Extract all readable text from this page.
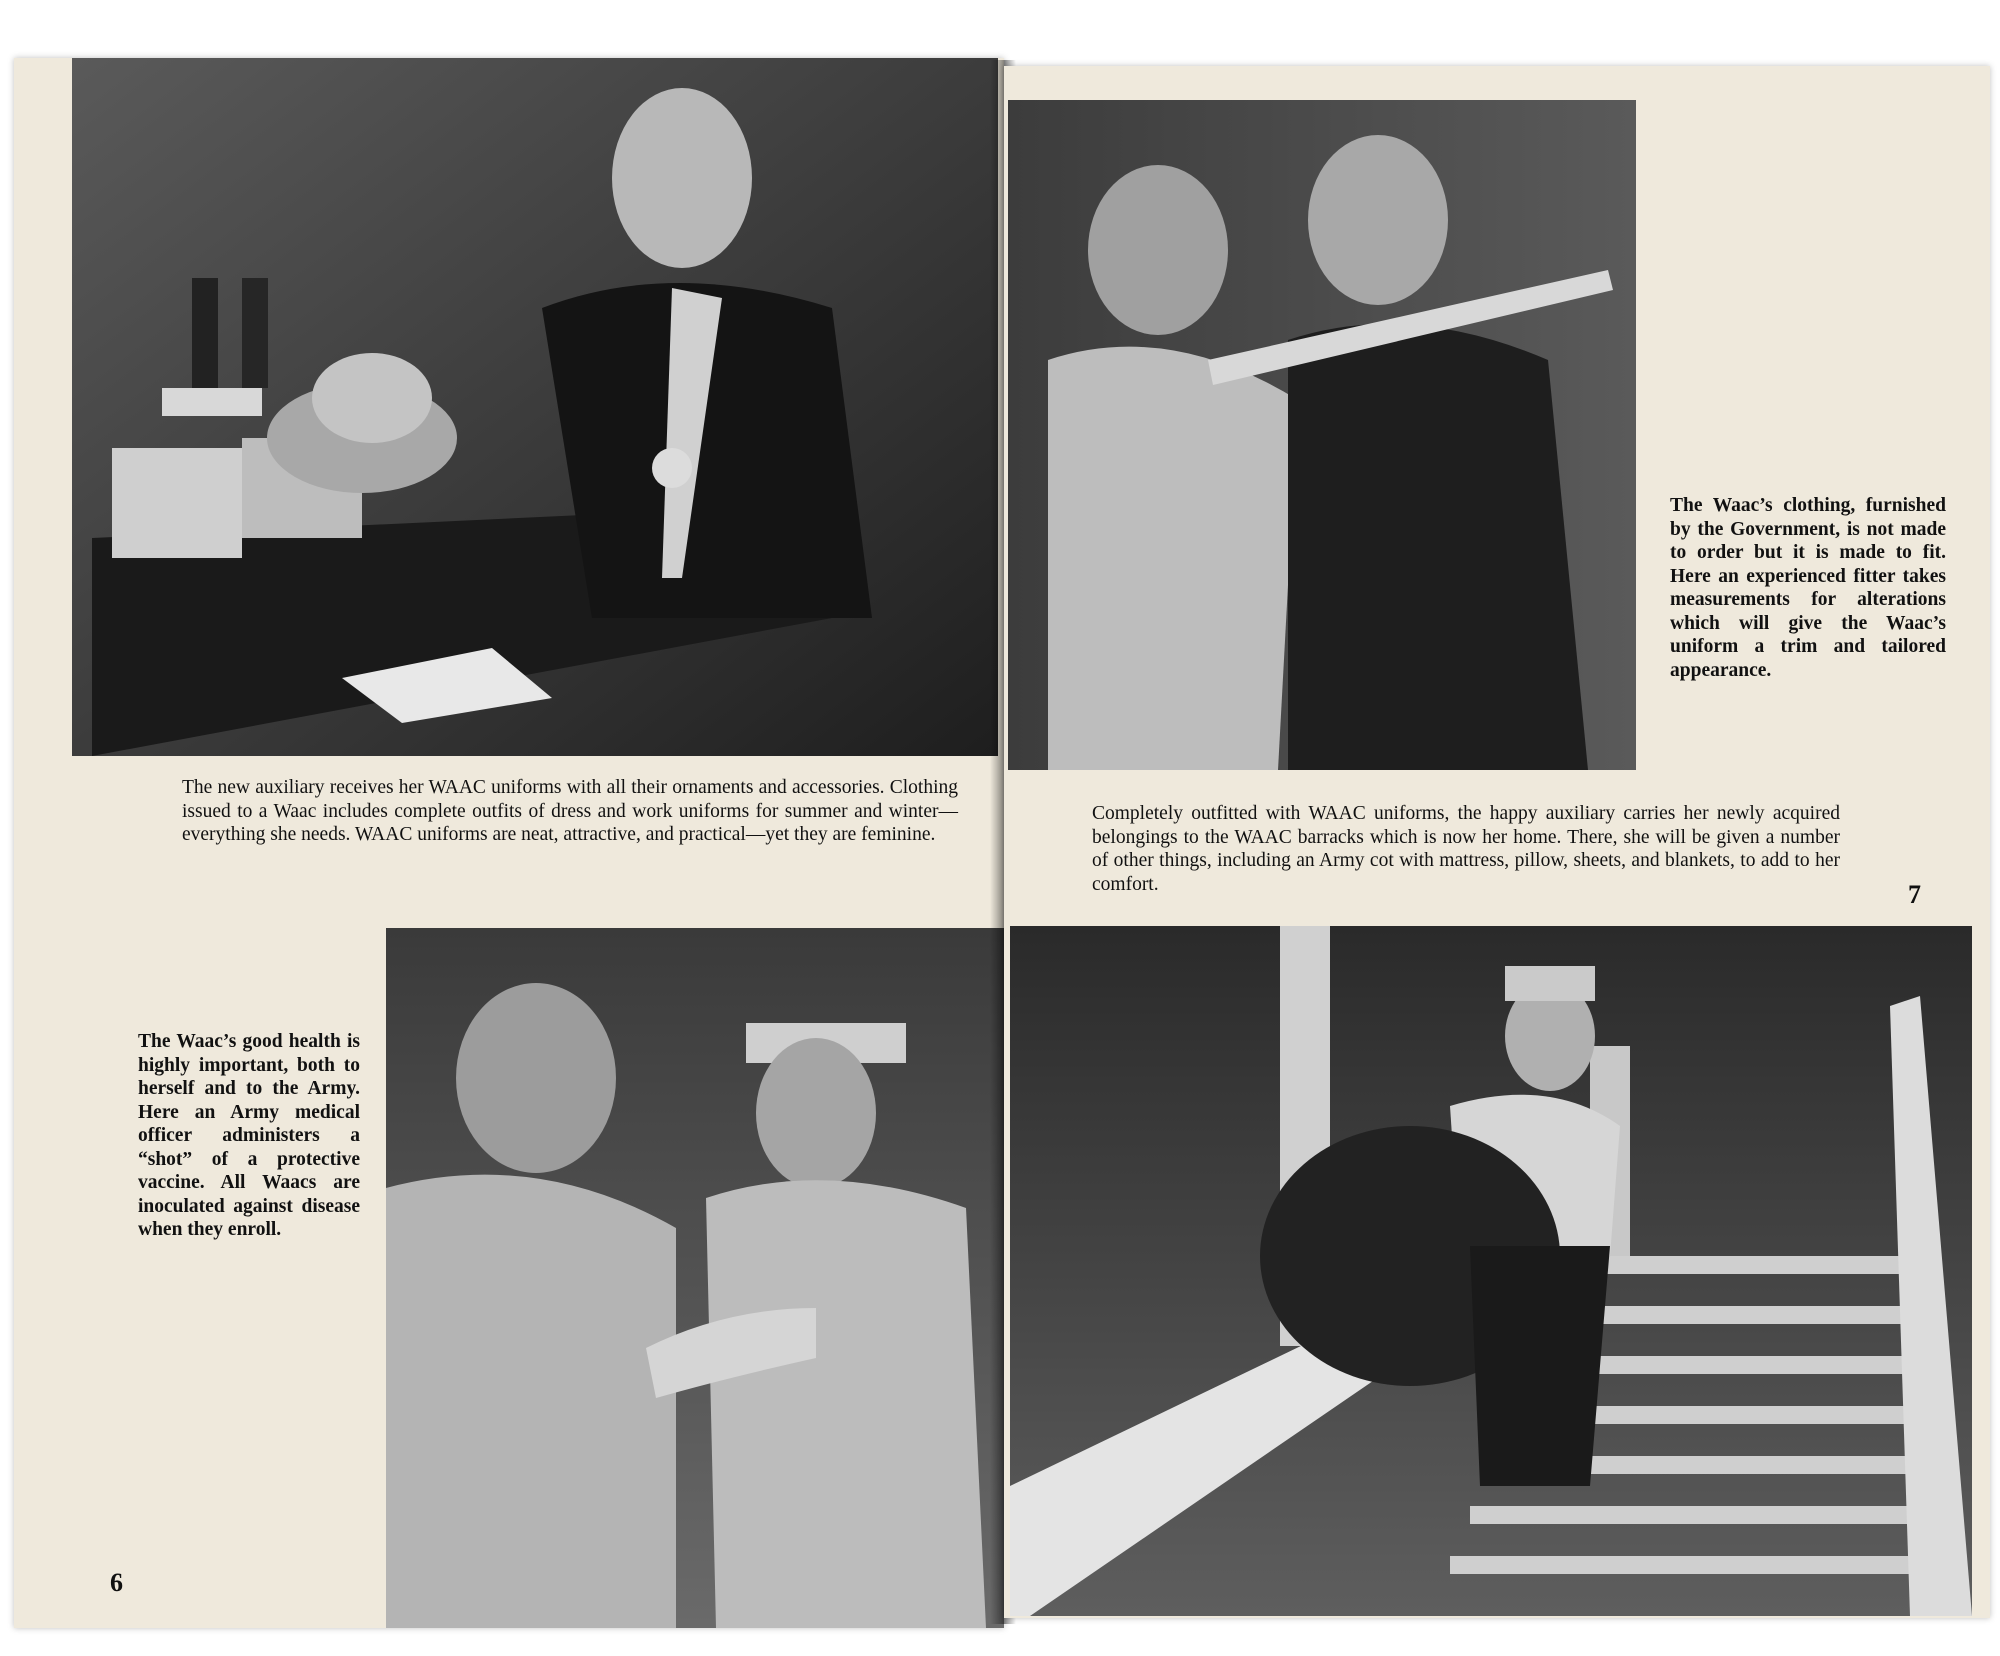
The new auxiliary receives her WAAC uniforms with all their ornaments and accessories. Clothing issued to a Waac includes complete outfits of dress and work uniforms for summer and winter—everything she needs. WAAC uniforms are neat, attractive, and practical—yet they are feminine.
The Waac’s good health is highly important, both to herself and to the Army. Here an Army medical officer administers a “shot” of a protective vaccine. All Waacs are inoculated against disease when they enroll.
6
The Waac’s clothing, furnished by the Government, is not made to order but it is made to fit. Here an experienced fitter takes measurements for alterations which will give the Waac’s uniform a trim and tailored appearance.
Completely outfitted with WAAC uniforms, the happy auxiliary carries her newly acquired belongings to the WAAC barracks which is now her home. There, she will be given a number of other things, including an Army cot with mattress, pillow, sheets, and blankets, to add to her comfort.	7
